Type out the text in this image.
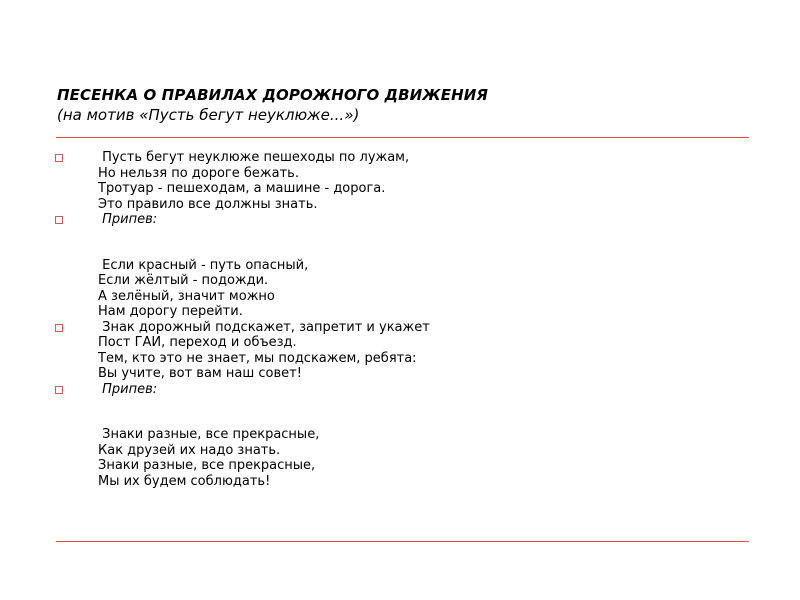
ПЕСЕНКА О ПРАВИЛАХ ДОРОЖНОГО ДВИЖЕНИЯ
(на мотив «Пусть бегут неуклюже...»)
Пусть бегут неуклюже пешеходы по лужам,
Но нельзя по дороге бежать.
Тротуар - пешеходам, а машине - дорога.
Это правило все должны знать.
Припев:
Если красный - путь опасный,
Если жёлтый - подожди.
А зелёный, значит можно
Нам дорогу перейти.
Знак дорожный подскажет, запретит и укажет
Пост ГАИ, переход и объезд.
Тем, кто это не знает, мы подскажем, ребята:
Вы учите, вот вам наш совет!
Припев:
Знаки разные, все прекрасные,
Как друзей их надо знать.
Знаки разные, все прекрасные,
Мы их будем соблюдать!
